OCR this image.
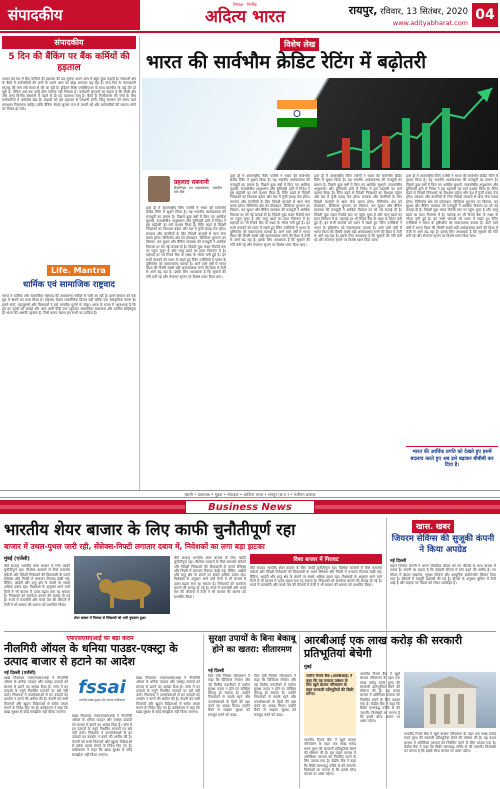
संपादकीय
निष्पक्ष · निर्भीक
अदित्य भारत	रायपुर, रविवार, 13 सितंबर, 2020
www.adityabharat.com 04
संपादकीय
5 दिन की बैंकिंग पर बैंक कर्मियों की हड़ताल
आवत बड़े देश में बैंक कर्मियों की हड़ताल की यह सूचना अपने आप में बहुत कुछ कहती है। सरकारी क्षेत्र के बैंकों में कर्मचारियों की कमी के चलते काम का बोझ लगातार बढ़ रहा है। पांच दिन के कामकाजी सप्ताह की मांग लंबे समय से की जा रही है। इंडियन बैंक्स एसोसिएशन के साथ बातचीत के कई दौर हो चुके हैं, लेकिन अब तक कोई ठोस नतीजा नहीं निकला है। कर्मचारी संगठनों का कहना है कि निजी क्षेत्र और अन्य वित्तीय संस्थानों में पहले से ही यह व्यवस्था लागू है। बैंकों के निजीकरण की चर्चा के बीच कर्मचारियों में असंतोष बढ़ा है। ग्राहकों को इस हड़ताल से परेशानी होगी, किंतु सरकार को समय रहते समाधान निकालना चाहिए ताकि बैंकिंग सेवाएं सुचारु रूप से चलती रहें और कर्मचारियों की जायज मांगों पर विचार हो सके।
Life. Mantra
धार्मिक एवं सामाजिक राष्ट्रवाद
भारत में धार्मिक और सामाजिक राष्ट्रवाद की अवधारणा सदियों से चली आ रही है। इसने समाज को एक सूत्र में बांधने का काम किया है। राष्ट्रवाद केवल राजनीतिक विचार नहीं बल्कि एक सांस्कृतिक चेतना है। हमारे संतों, महापुरुषों और विचारकों ने इसे मानवीय मूल्यों से जोड़ा। आज के समय में आवश्यक है कि हम इन मूल्यों को समझें और आने वाली पीढ़ी तक पहुंचाएं। सामाजिक समरसता और धार्मिक सहिष्णुता ही भारत की असली पहचान है, जिसे बनाए रखना हम सभी का दायित्व है।
विशेष लेख
भारत की सार्वभौम क्रेडिट रेटिंग में बढ़ोतरी
प्रहलाद सबनानी
सेवानिवृत्त उप महाप्रबंधक, भारतीय स्टेट बैंक
हाल ही में अंतरराष्ट्रीय रेटिंग एजेंसी ने भारत की सार्वभौम क्रेडिट रेटिंग में सुधार किया है। यह भारतीय अर्थव्यवस्था की मजबूती का प्रमाण है। पिछले कुछ वर्षों में किए गए आर्थिक सुधारों, राजकोषीय अनुशासन और बुनियादी ढांचे में निवेश ने इस बढ़ोतरी का मार्ग प्रशस्त किया है। रेटिंग बढ़ने से विदेशी निवेशकों का विश्वास बढ़ेगा और देश में पूंजी प्रवाह तेज होगा। सरकार और कंपनियों के लिए विदेशी बाजारों से ऋण लेना सस्ता होगा। विनिर्माण क्षेत्र को प्रोत्साहन, डिजिटल भुगतान का विस्तार, कर सुधार और बैंकिंग व्यवस्था की मजबूती ने आर्थिक विकास दर को नई ऊंचाई दी है। विदेशी मुद्रा भंडार रिकॉर्ड स्तर पर पहुंच चुका है और चालू खाते का घाटा नियंत्रण में है। महंगाई दर भी रिजर्व बैंक के लक्ष्य के भीतर बनी हुई है। इन सभी कारकों को ध्यान में रखते हुए रेटिंग एजेंसियों ने भारत के दृष्टिकोण को सकारात्मक बताया है। आने वाले वर्षों में भारत विश्व की तीसरी सबसे बड़ी अर्थव्यवस्था बनने की दिशा में तेजी से आगे बढ़ रहा है। इसके लिए आवश्यक है कि सुधारों की गति बनी रहे और रोजगार सृजन पर विशेष ध्यान दिया जाए।
हाल ही में अंतरराष्ट्रीय रेटिंग एजेंसी ने भारत की सार्वभौम क्रेडिट रेटिंग में सुधार किया है। यह भारतीय अर्थव्यवस्था की मजबूती का प्रमाण है। पिछले कुछ वर्षों में किए गए आर्थिक सुधारों, राजकोषीय अनुशासन और बुनियादी ढांचे में निवेश ने इस बढ़ोतरी का मार्ग प्रशस्त किया है। रेटिंग बढ़ने से विदेशी निवेशकों का विश्वास बढ़ेगा और देश में पूंजी प्रवाह तेज होगा। सरकार और कंपनियों के लिए विदेशी बाजारों से ऋण लेना सस्ता होगा। विनिर्माण क्षेत्र को प्रोत्साहन, डिजिटल भुगतान का विस्तार, कर सुधार और बैंकिंग व्यवस्था की मजबूती ने आर्थिक विकास दर को नई ऊंचाई दी है। विदेशी मुद्रा भंडार रिकॉर्ड स्तर पर पहुंच चुका है और चालू खाते का घाटा नियंत्रण में है। महंगाई दर भी रिजर्व बैंक के लक्ष्य के भीतर बनी हुई है। इन सभी कारकों को ध्यान में रखते हुए रेटिंग एजेंसियों ने भारत के दृष्टिकोण को सकारात्मक बताया है। आने वाले वर्षों में भारत विश्व की तीसरी सबसे बड़ी अर्थव्यवस्था बनने की दिशा में तेजी से आगे बढ़ रहा है। इसके लिए आवश्यक है कि सुधारों की गति बनी रहे और रोजगार सृजन पर विशेष ध्यान दिया जाए।
हाल ही में अंतरराष्ट्रीय रेटिंग एजेंसी ने भारत की सार्वभौम क्रेडिट रेटिंग में सुधार किया है। यह भारतीय अर्थव्यवस्था की मजबूती का प्रमाण है। पिछले कुछ वर्षों में किए गए आर्थिक सुधारों, राजकोषीय अनुशासन और बुनियादी ढांचे में निवेश ने इस बढ़ोतरी का मार्ग प्रशस्त किया है। रेटिंग बढ़ने से विदेशी निवेशकों का विश्वास बढ़ेगा और देश में पूंजी प्रवाह तेज होगा। सरकार और कंपनियों के लिए विदेशी बाजारों से ऋण लेना सस्ता होगा। विनिर्माण क्षेत्र को प्रोत्साहन, डिजिटल भुगतान का विस्तार, कर सुधार और बैंकिंग व्यवस्था की मजबूती ने आर्थिक विकास दर को नई ऊंचाई दी है। विदेशी मुद्रा भंडार रिकॉर्ड स्तर पर पहुंच चुका है और चालू खाते का घाटा नियंत्रण में है। महंगाई दर भी रिजर्व बैंक के लक्ष्य के भीतर बनी हुई है। इन सभी कारकों को ध्यान में रखते हुए रेटिंग एजेंसियों ने भारत के दृष्टिकोण को सकारात्मक बताया है। आने वाले वर्षों में भारत विश्व की तीसरी सबसे बड़ी अर्थव्यवस्था बनने की दिशा में तेजी से आगे बढ़ रहा है। इसके लिए आवश्यक है कि सुधारों की गति बनी रहे और रोजगार सृजन पर विशेष ध्यान दिया जाए।
हाल ही में अंतरराष्ट्रीय रेटिंग एजेंसी ने भारत की सार्वभौम क्रेडिट रेटिंग में सुधार किया है। यह भारतीय अर्थव्यवस्था की मजबूती का प्रमाण है। पिछले कुछ वर्षों में किए गए आर्थिक सुधारों, राजकोषीय अनुशासन और बुनियादी ढांचे में निवेश ने इस बढ़ोतरी का मार्ग प्रशस्त किया है। रेटिंग बढ़ने से विदेशी निवेशकों का विश्वास बढ़ेगा और देश में पूंजी प्रवाह तेज होगा। सरकार और कंपनियों के लिए विदेशी बाजारों से ऋण लेना सस्ता होगा। विनिर्माण क्षेत्र को प्रोत्साहन, डिजिटल भुगतान का विस्तार, कर सुधार और बैंकिंग व्यवस्था की मजबूती ने आर्थिक विकास दर को नई ऊंचाई दी है। विदेशी मुद्रा भंडार रिकॉर्ड स्तर पर पहुंच चुका है और चालू खाते का घाटा नियंत्रण में है। महंगाई दर भी रिजर्व बैंक के लक्ष्य के भीतर बनी हुई है। इन सभी कारकों को ध्यान में रखते हुए रेटिंग एजेंसियों ने भारत के दृष्टिकोण को सकारात्मक बताया है। आने वाले वर्षों में भारत विश्व की तीसरी सबसे बड़ी अर्थव्यवस्था बनने की दिशा में तेजी से आगे बढ़ रहा है। इसके लिए आवश्यक है कि सुधारों की गति बनी रहे और रोजगार सृजन पर विशेष ध्यान दिया जाए।
भारत की आर्थिक प्रगति को देखते हुए इसमें बदलाव करते हुए अब इसे बढ़ाकर बीबीबी कर दिया है।
स्वामी • प्रकाशक • मुद्रक • संपादक • आदित्य भारत • रायपुर (छ.ग.) • पंजीयन क्रमांक
Business News
भारतीय शेयर बाजार के लिए काफी चुनौतीपूर्ण रहा
बाजार में उथल-पुथल जारी रही, सेंसेक्स-निफ्टी लगातार दबाव में, निवेशकों का लगा बड़ा झटका
मुंबई (एजेंसी)
शेयर बाजार में गिरावट से निवेशकों को भारी नुकसान हुआ।
बीते सप्ताह भारतीय शेयर बाजार के लिए काफी चुनौतीपूर्ण रहा। वैश्विक बाजारों से मिले कमजोर संकेतों और विदेशी निवेशकों की बिकवाली के चलते सेंसेक्स और निफ्टी में लगातार गिरावट देखी गई। बैंकिंग, आईटी और धातु क्षेत्र के शेयरों पर सबसे अधिक दबाव रहा। विशेषज्ञों के अनुसार आने वाले दिनों में भी बाजार में उतार-चढ़ाव बना रह सकता है। निवेशकों को सतर्कता बरतने की सलाह दी गई है। रुपये में कमजोरी और कच्चे तेल की कीमतों में तेजी ने भी बाजार की धारणा को प्रभावित किया।
बीते सप्ताह भारतीय शेयर बाजार के लिए काफी चुनौतीपूर्ण रहा। वैश्विक बाजारों से मिले कमजोर संकेतों और विदेशी निवेशकों की बिकवाली के चलते सेंसेक्स और निफ्टी में लगातार गिरावट देखी गई। बैंकिंग, आईटी और धातु क्षेत्र के शेयरों पर सबसे अधिक दबाव रहा। विशेषज्ञों के अनुसार आने वाले दिनों में भी बाजार में उतार-चढ़ाव बना रह सकता है। निवेशकों को सतर्कता बरतने की सलाह दी गई है। रुपये में कमजोरी और कच्चे तेल की कीमतों में तेजी ने भी बाजार की धारणा को प्रभावित किया।
विश्व बाजार में गिरावट
बीते सप्ताह भारतीय शेयर बाजार के लिए काफी चुनौतीपूर्ण रहा। वैश्विक बाजारों से मिले कमजोर संकेतों और विदेशी निवेशकों की बिकवाली के चलते सेंसेक्स और निफ्टी में लगातार गिरावट देखी गई। बैंकिंग, आईटी और धातु क्षेत्र के शेयरों पर सबसे अधिक दबाव रहा। विशेषज्ञों के अनुसार आने वाले दिनों में भी बाजार में उतार-चढ़ाव बना रह सकता है। निवेशकों को सतर्कता बरतने की सलाह दी गई है। रुपये में कमजोरी और कच्चे तेल की कीमतों में तेजी ने भी बाजार की धारणा को प्रभावित किया।
खास. खबर
जियरम सेविंग्स की सुजूकी कंपनी ने किया अपग्रेड
नई दिल्ली
वाहन निर्माता कंपनी ने अपने लोकप्रिय मॉडल को नए फीचर्स के साथ बाजार में उतारा है। कंपनी का कहना है कि त्योहारी सीजन में मांग बढ़ने की उम्मीद है। नए मॉडल में बेहतर माइलेज, सुरक्षा फीचर्स और आधुनिक इंफोटेनमेंट सिस्टम दिया गया है। कीमतों में मामूली बढ़ोतरी की गई है। डीलरों के अनुसार बुकिंग में तेजी आई है और ग्राहक नए मॉडल को लेकर उत्साहित हैं।
एफएसएसएआई का बड़ा कदम
नीलगिरी ऑयल के धनिया पाउडर-एक्स्ट्रा के उत्पाद बाजार से हटाने का आदेश
नई दिल्ली (एजेंसी)
खाद्य नियामक एफएसएसएआई ने नीलगिरी ऑयल के धनिया पाउडर और एक्स्ट्रा उत्पादों को बाजार से हटाने का आदेश दिया है। जांच में इन उत्पादों के नमूने निर्धारित मानकों पर खरे नहीं उतरे। नियामक ने उपभोक्ताओं से इन उत्पादों का उपयोग न करने की अपील की है। कंपनी को सभी वितरकों और खुदरा विक्रेताओं से स्टॉक वापस मंगाने के निर्देश दिए गए हैं। प्राधिकरण ने कहा कि खाद्य सुरक्षा से कोई समझौता नहीं किया जाएगा।
fssai
भारतीय खाद्य सुरक्षा और मानक प्राधिकरण
खाद्य नियामक एफएसएसएआई ने नीलगिरी ऑयल के धनिया पाउडर और एक्स्ट्रा उत्पादों को बाजार से हटाने का आदेश दिया है। जांच में इन उत्पादों के नमूने निर्धारित मानकों पर खरे नहीं उतरे। नियामक ने उपभोक्ताओं से इन उत्पादों का उपयोग न करने की अपील की है। कंपनी को सभी वितरकों और खुदरा विक्रेताओं से स्टॉक वापस मंगाने के निर्देश दिए गए हैं। प्राधिकरण ने कहा कि खाद्य सुरक्षा से कोई समझौता नहीं किया जाएगा।
खाद्य नियामक एफएसएसएआई ने नीलगिरी ऑयल के धनिया पाउडर और एक्स्ट्रा उत्पादों को बाजार से हटाने का आदेश दिया है। जांच में इन उत्पादों के नमूने निर्धारित मानकों पर खरे नहीं उतरे। नियामक ने उपभोक्ताओं से इन उत्पादों का उपयोग न करने की अपील की है। कंपनी को सभी वितरकों और खुदरा विक्रेताओं से स्टॉक वापस मंगाने के निर्देश दिए गए हैं। प्राधिकरण ने कहा कि खाद्य सुरक्षा से कोई समझौता नहीं किया जाएगा।
सुरक्षा उपायों के बिना बेकाबू होने का खतरा: सीतारमण
नई दिल्ली
वित्त मंत्री निर्मला सीतारमण ने कहा कि डिजिटल लेनदेन और नई वित्तीय तकनीकों में पर्याप्त सुरक्षा उपाय न होने पर जोखिम बेकाबू हो सकता है। उन्होंने नियामकों से सतर्क रहने और उपभोक्ताओं के हितों की रक्षा करने का आग्रह किया। उन्होंने बैंकों से साइबर सुरक्षा को मजबूत करने को कहा।
वित्त मंत्री निर्मला सीतारमण ने कहा कि डिजिटल लेनदेन और नई वित्तीय तकनीकों में पर्याप्त सुरक्षा उपाय न होने पर जोखिम बेकाबू हो सकता है। उन्होंने नियामकों से सतर्क रहने और उपभोक्ताओं के हितों की रक्षा करने का आग्रह किया। उन्होंने बैंकों से साइबर सुरक्षा को मजबूत करने को कहा।
आरबीआई एक लाख करोड़ की सरकारी प्रतिभूतियां बेचेगी
मुंबई
जारीय रिजर्व बैंक (आरबीआई) ने कहा कि वह तरलता प्रबंधन के लिए खुले बाजार परिचालन के तहत सरकारी प्रतिभूतियों की बिक्री करेगा।
भारतीय रिजर्व बैंक ने खुले बाजार परिचालन के तहत एक लाख करोड़ रुपये मूल्य की सरकारी प्रतिभूतियां बेचने की घोषणा की है। यह कदम बाजार में अतिरिक्त तरलता को नियंत्रित करने के लिए उठाया गया है। केंद्रीय बैंक ने कहा कि बिक्री चरणबद्ध तरीके से की जाएगी। विशेषज्ञों का मानना है कि इससे बॉन्ड बाजार पर असर पड़ेगा।
भारतीय रिजर्व बैंक ने खुले बाजार परिचालन के तहत एक लाख करोड़ रुपये मूल्य की सरकारी प्रतिभूतियां बेचने की घोषणा की है। यह कदम बाजार में अतिरिक्त तरलता को नियंत्रित करने के लिए उठाया गया है। केंद्रीय बैंक ने कहा कि बिक्री चरणबद्ध तरीके से की जाएगी। विशेषज्ञों का मानना है कि इससे बॉन्ड बाजार पर असर पड़ेगा।
भारतीय रिजर्व बैंक ने खुले बाजार परिचालन के तहत एक लाख करोड़ रुपये मूल्य की सरकारी प्रतिभूतियां बेचने की घोषणा की है। यह कदम बाजार में अतिरिक्त तरलता को नियंत्रित करने के लिए उठाया गया है। केंद्रीय बैंक ने कहा कि बिक्री चरणबद्ध तरीके से की जाएगी। विशेषज्ञों का मानना है कि इससे बॉन्ड बाजार पर असर पड़ेगा।
